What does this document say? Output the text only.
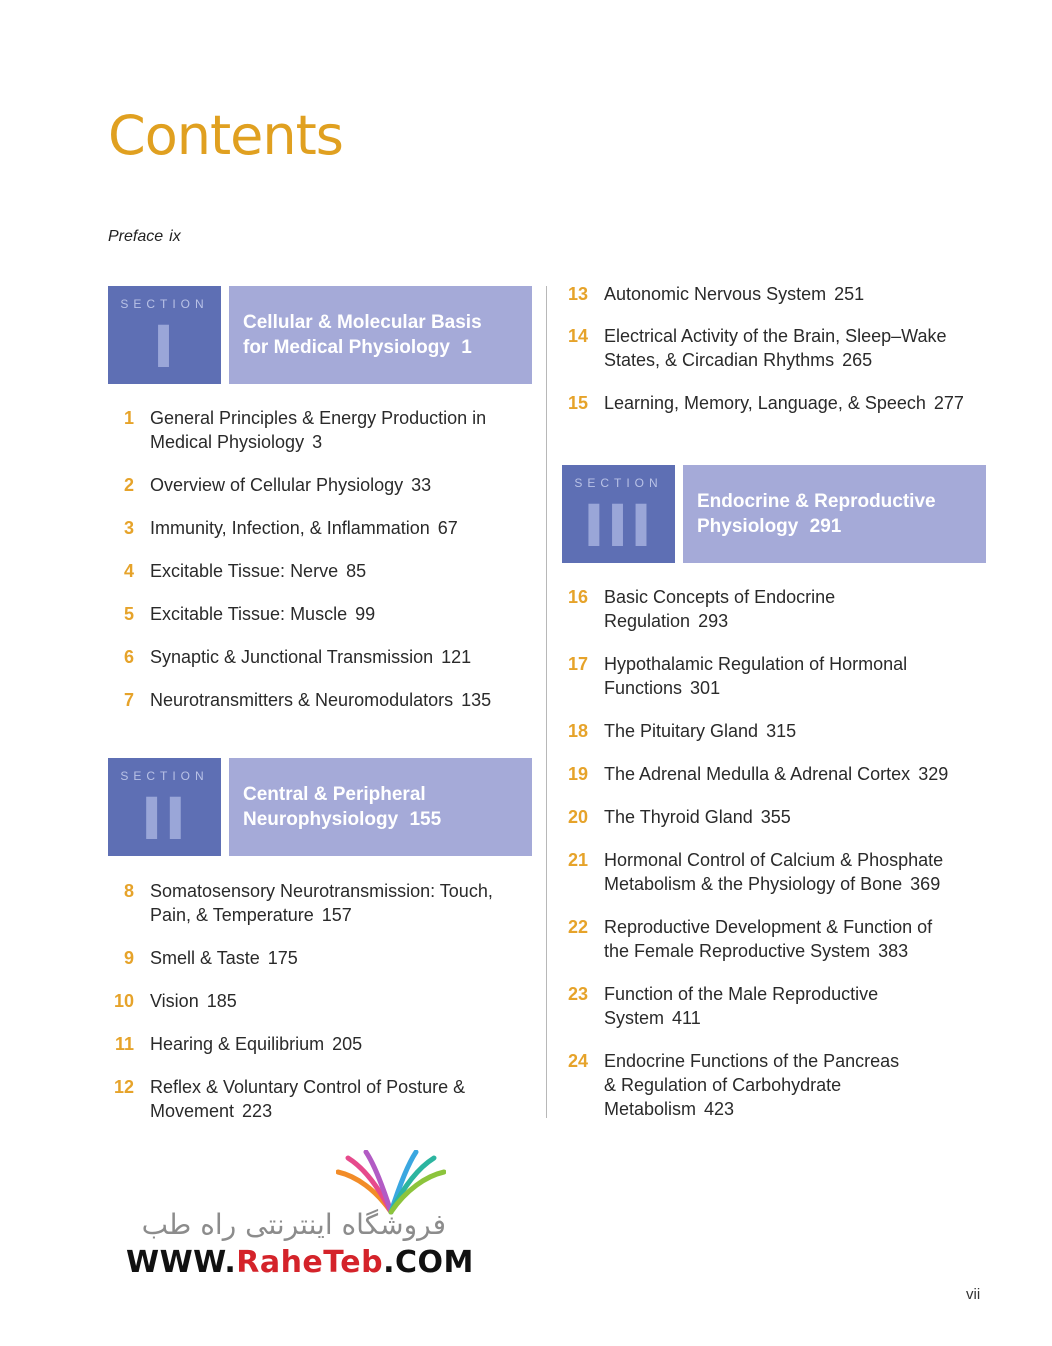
Contents
Preface ix
SECTION
I	Cellular & Molecular Basis
for Medical Physiology 1
1 General Principles & Energy Production in
Medical Physiology 3
2 Overview of Cellular Physiology 33
3 Immunity, Infection, & Inflammation 67
4 Excitable Tissue: Nerve 85
5 Excitable Tissue: Muscle 99
6 Synaptic & Junctional Transmission 121
7 Neurotransmitters & Neuromodulators 135
SECTION
II	Central & Peripheral
Neurophysiology 155
8 Somatosensory Neurotransmission: Touch,
Pain, & Temperature 157
9 Smell & Taste 175
10 Vision 185
11 Hearing & Equilibrium 205
12 Reflex & Voluntary Control of Posture &
Movement 223
13 Autonomic Nervous System 251
14 Electrical Activity of the Brain, Sleep–Wake
States, & Circadian Rhythms 265
15 Learning, Memory, Language, & Speech 277
SECTION
III	Endocrine & Reproductive
Physiology 291
16 Basic Concepts of Endocrine
Regulation 293
17 Hypothalamic Regulation of Hormonal
Functions 301
18 The Pituitary Gland 315
19 The Adrenal Medulla & Adrenal Cortex 329
20 The Thyroid Gland 355
21 Hormonal Control of Calcium & Phosphate
Metabolism & the Physiology of Bone 369
22 Reproductive Development & Function of
the Female Reproductive System 383
23 Function of the Male Reproductive
System 411
24 Endocrine Functions of the Pancreas
& Regulation of Carbohydrate
Metabolism 423
فروشگاه اینترنتی راه طب
WWW.RaheTeb.COM
vii
